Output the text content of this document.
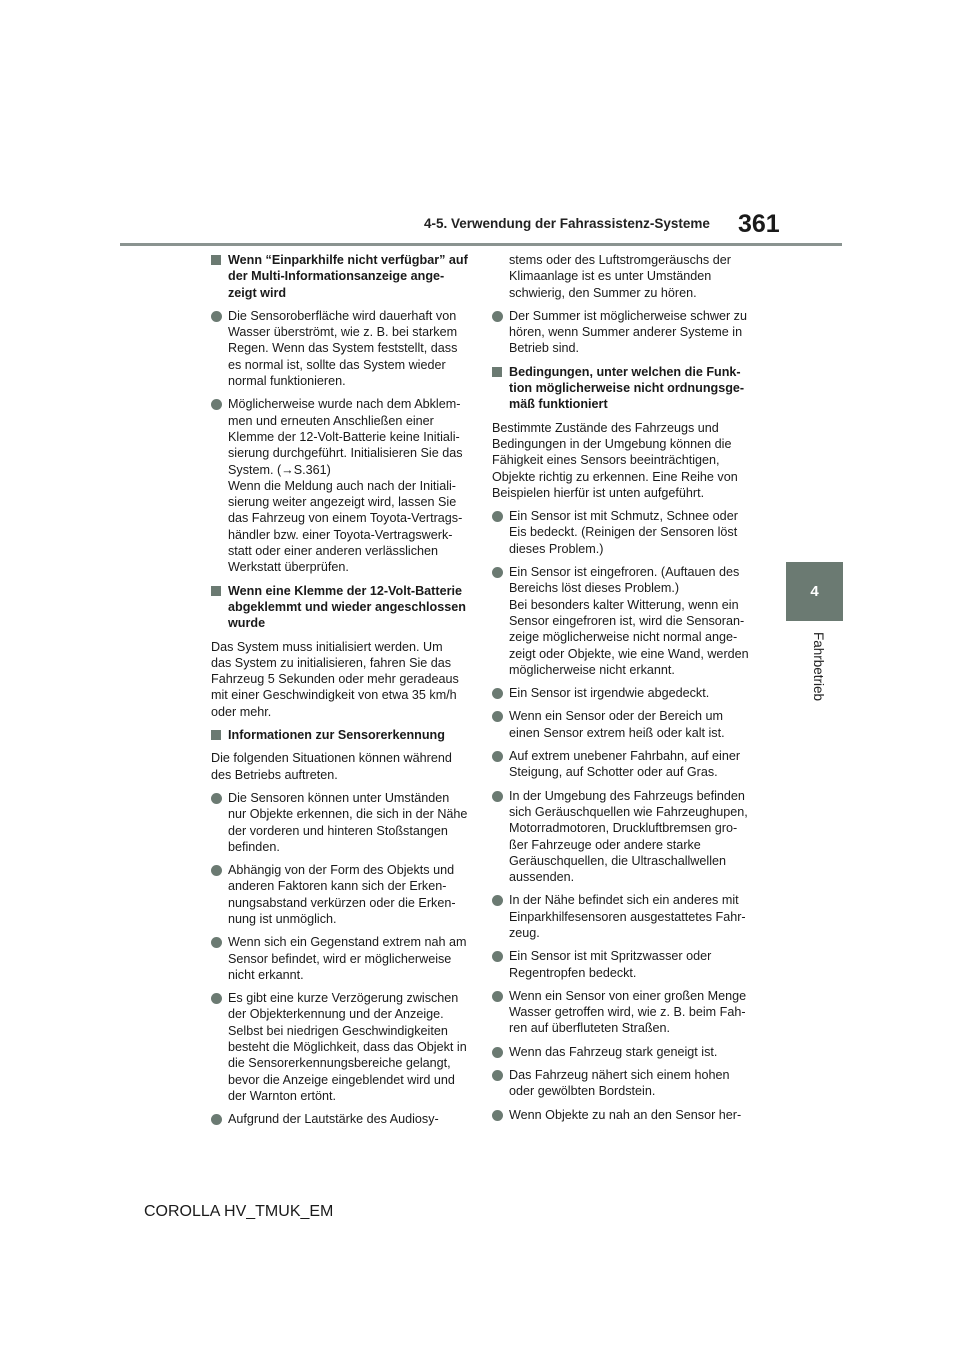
4-5. Verwendung der Fahrassistenz-Systeme 361
4
Fahrbetrieb
Wenn “Einparkhilfe nicht verfügbar” auf
der Multi-Informationsanzeige ange-
zeigt wird
Die Sensoroberfläche wird dauerhaft von
Wasser überströmt, wie z. B. bei starkem
Regen. Wenn das System feststellt, dass
es normal ist, sollte das System wieder
normal funktionieren.
Möglicherweise wurde nach dem Abklem-
men und erneuten Anschließen einer
Klemme der 12-Volt-Batterie keine Initiali-
sierung durchgeführt. Initialisieren Sie das
System. (→S.361)
Wenn die Meldung auch nach der Initiali-
sierung weiter angezeigt wird, lassen Sie
das Fahrzeug von einem Toyota-Vertrags-
händler bzw. einer Toyota-Vertragswerk-
statt oder einer anderen verlässlichen
Werkstatt überprüfen.
Wenn eine Klemme der 12-Volt-Batterie
abgeklemmt und wieder angeschlossen
wurde
Das System muss initialisiert werden. Um
das System zu initialisieren, fahren Sie das
Fahrzeug 5 Sekunden oder mehr geradeaus
mit einer Geschwindigkeit von etwa 35 km/h
oder mehr.
Informationen zur Sensorerkennung
Die folgenden Situationen können während
des Betriebs auftreten.
Die Sensoren können unter Umständen
nur Objekte erkennen, die sich in der Nähe
der vorderen und hinteren Stoßstangen
befinden.
Abhängig von der Form des Objekts und
anderen Faktoren kann sich der Erken-
nungsabstand verkürzen oder die Erken-
nung ist unmöglich.
Wenn sich ein Gegenstand extrem nah am
Sensor befindet, wird er möglicherweise
nicht erkannt.
Es gibt eine kurze Verzögerung zwischen
der Objekterkennung und der Anzeige.
Selbst bei niedrigen Geschwindigkeiten
besteht die Möglichkeit, dass das Objekt in
die Sensorerkennungsbereiche gelangt,
bevor die Anzeige eingeblendet wird und
der Warnton ertönt.
Aufgrund der Lautstärke des Audiosy-
stems oder des Luftstromgeräuschs der
Klimaanlage ist es unter Umständen
schwierig, den Summer zu hören.
Der Summer ist möglicherweise schwer zu
hören, wenn Summer anderer Systeme in
Betrieb sind.
Bedingungen, unter welchen die Funk-
tion möglicherweise nicht ordnungsge-
mäß funktioniert
Bestimmte Zustände des Fahrzeugs und
Bedingungen in der Umgebung können die
Fähigkeit eines Sensors beeinträchtigen,
Objekte richtig zu erkennen. Eine Reihe von
Beispielen hierfür ist unten aufgeführt.
Ein Sensor ist mit Schmutz, Schnee oder
Eis bedeckt. (Reinigen der Sensoren löst
dieses Problem.)
Ein Sensor ist eingefroren. (Auftauen des
Bereichs löst dieses Problem.)
Bei besonders kalter Witterung, wenn ein
Sensor eingefroren ist, wird die Sensoran-
zeige möglicherweise nicht normal ange-
zeigt oder Objekte, wie eine Wand, werden
möglicherweise nicht erkannt.
Ein Sensor ist irgendwie abgedeckt.
Wenn ein Sensor oder der Bereich um
einen Sensor extrem heiß oder kalt ist.
Auf extrem unebener Fahrbahn, auf einer
Steigung, auf Schotter oder auf Gras.
In der Umgebung des Fahrzeugs befinden
sich Geräuschquellen wie Fahrzeughupen,
Motorradmotoren, Druckluftbremsen gro-
ßer Fahrzeuge oder andere starke
Geräuschquellen, die Ultraschallwellen
aussenden.
In der Nähe befindet sich ein anderes mit
Einparkhilfesensoren ausgestattetes Fahr-
zeug.
Ein Sensor ist mit Spritzwasser oder
Regentropfen bedeckt.
Wenn ein Sensor von einer großen Menge
Wasser getroffen wird, wie z. B. beim Fah-
ren auf überfluteten Straßen.
Wenn das Fahrzeug stark geneigt ist.
Das Fahrzeug nähert sich einem hohen
oder gewölbten Bordstein.
Wenn Objekte zu nah an den Sensor her-
COROLLA HV_TMUK_EM
